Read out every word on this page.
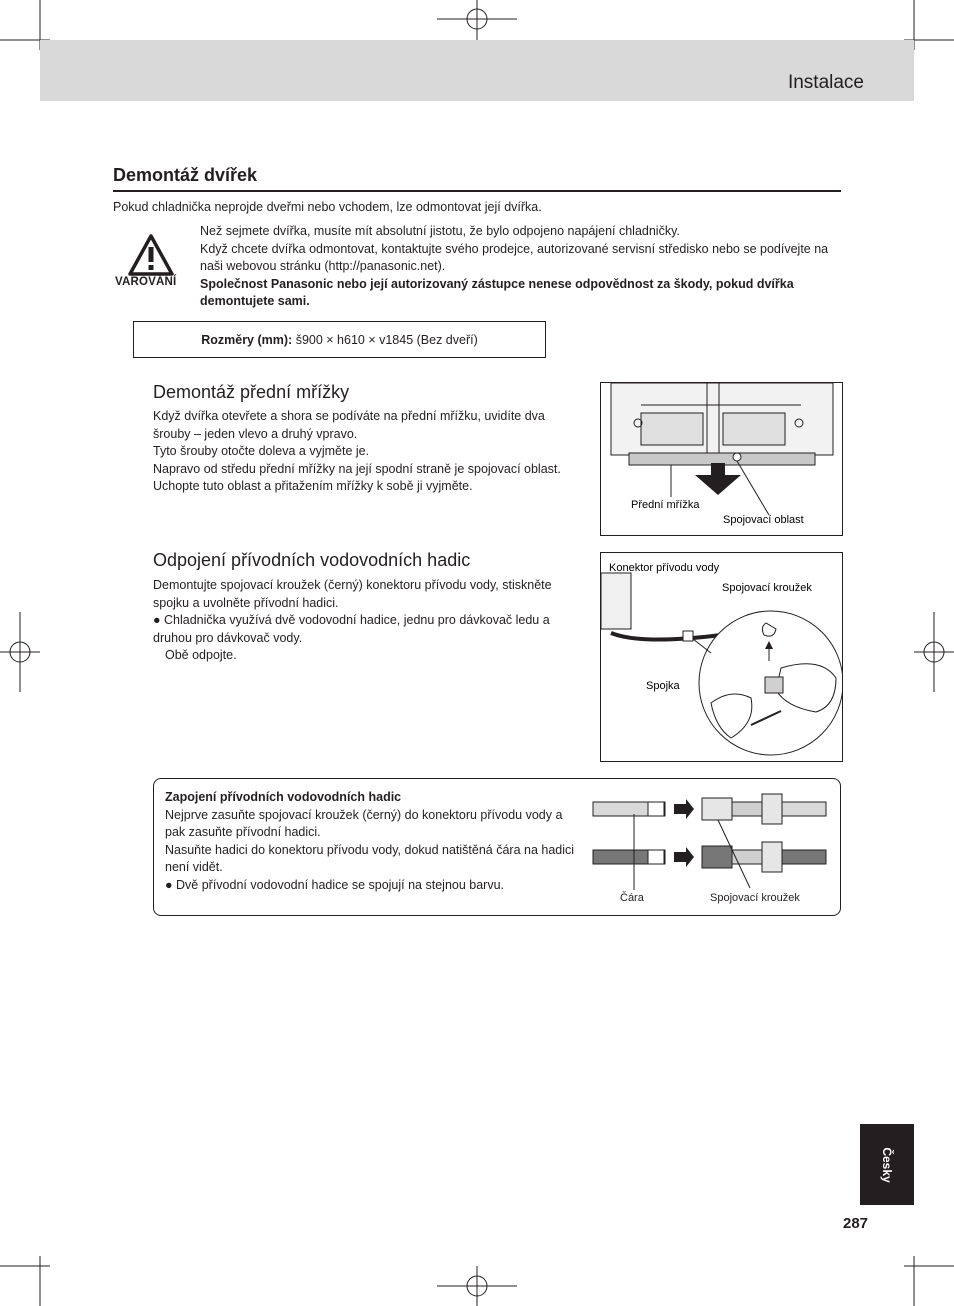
Instalace
Demontáž dvířek
Pokud chladnička neprojde dveřmi nebo vchodem, lze odmontovat její dvířka.
VAROVÁNÍ

Než sejmete dvířka, musíte mít absolutní jistotu, že bylo odpojeno napájení chladničky.

Když chcete dvířka odmontovat, kontaktujte svého prodejce, autorizované servisní středisko nebo se podívejte na naši webovou stránku (http://panasonic.net).

Společnost Panasonic nebo její autorizovaný zástupce nenese odpovědnost za škody, pokud dvířka demontujete sami.

Rozměry (mm): š900 × h610 × v1845 (Bez dveří)
Demontáž přední mřížky

Když dvířka otevřete a shora se podíváte na přední mřížku, uvidíte dva šrouby – jeden vlevo a druhý vpravo.

Tyto šrouby otočte doleva a vyjměte je.

Napravo od středu přední mřížky na její spodní straně je spojovací oblast. Uchopte tuto oblast a přitažením mřížky k sobě ji vyjměte.

Přední mřížka
Spojovací oblast
Odpojení přívodních vodovodních hadic

Demontujte spojovací kroužek (černý) konektoru přívodu vody, stiskněte spojku a uvolněte přívodní hadici.

● Chladnička využívá dvě vodovodní hadice, jednu pro dávkovač ledu a druhou pro dávkovač vody.

Obě odpojte.

Konektor přívodu vody
Spojovací kroužek
Spojka

Zapojení přívodních vodovodních hadic

Nejprve zasuňte spojovací kroužek (černý) do konektoru přívodu vody a pak zasuňte přívodní hadici.

Nasuňte hadici do konektoru přívodu vody, dokud natištěná čára na hadici není vidět.

● Dvě přívodní vodovodní hadice se spojují na stejnou barvu.

Čára	Spojovací kroužek
Česky
287
